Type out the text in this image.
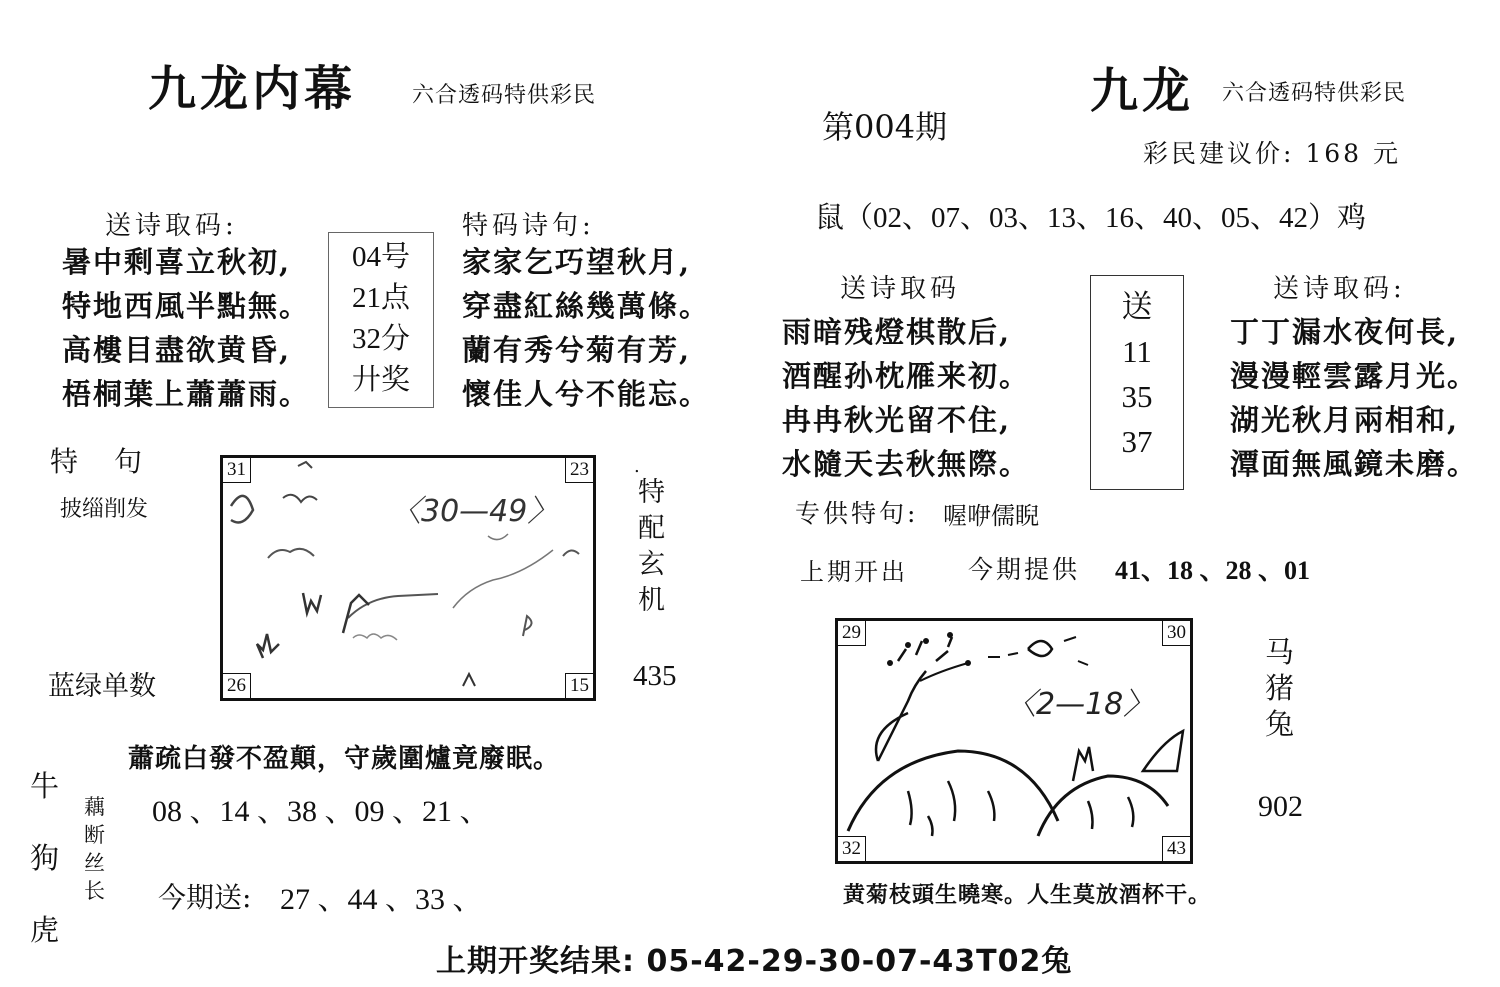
九龙内幕	六合透码特供彩民
送诗取码:
暑中剩喜立秋初,
特地西風半點無。
高樓目盡欲黄昏,
梧桐葉上蕭蕭雨。
04号
21点
32分
廾奖
特码诗句:
家家乞巧望秋月,
穿盡紅絲幾萬條。
蘭有秀兮菊有芳,
懷佳人兮不能忘。
特　句
披缁削发
31	23
26	15
〈30—49〉
.
特
配
玄
机
蓝绿单数	435
蕭疏白發不盈顛，守歲圍爐竟廢眠。
牛
狗
虎
藕
断
丝
长
08 、14 、38 、09 、21 、
今期送: 27 、44 、33 、
第004期
九龙 六合透码特供彩民
彩民建议价: 168 元
鼠（02、07、03、13、16、40、05、42）鸡
送诗取码
雨暗残燈棋散后,
酒醒孙枕雁来初。
冉冉秋光留不住,
水隨天去秋無際。
送
11
35
37
送诗取码:
丁丁漏水夜何長,
漫漫輕雲露月光。
湖光秋月兩相和,
潭面無風鏡未磨。
专供特句: 喔咿儒睨
上期开出 今期提供 41、18 、28 、01
29	30
32	43
〈2—18〉
马
猪
兔
902
黄菊枝頭生曉寒。人生莫放酒杯干。
上期开奖结果: 05-42-29-30-07-43T02兔
